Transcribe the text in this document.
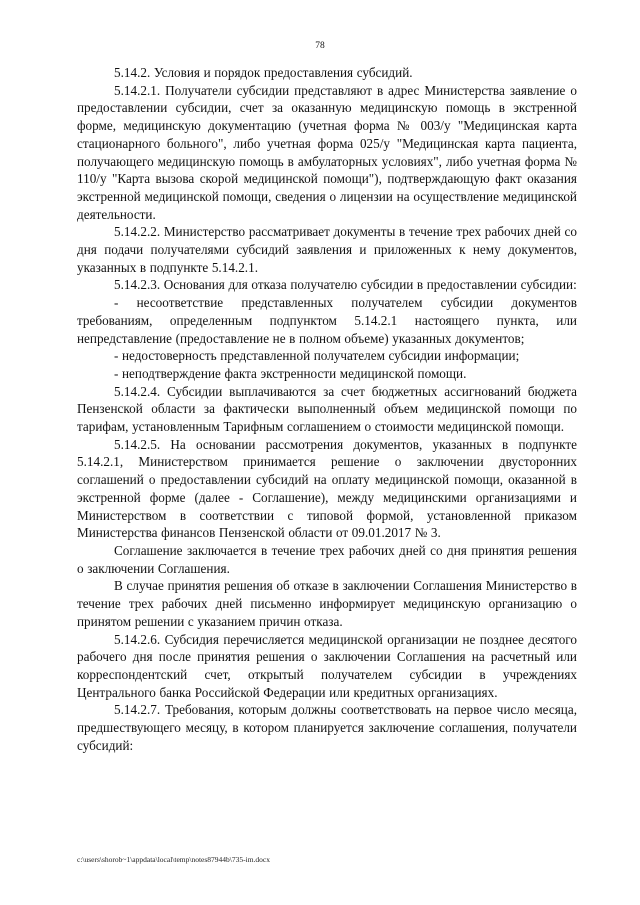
78

5.14.2. Условия и порядок предоставления субсидий.

5.14.2.1. Получатели субсидии представляют в адрес Министерства заявление о предоставлении субсидии, счет за оказанную медицинскую помощь в экстренной форме, медицинскую документацию (учетная форма № 003/у "Медицинская карта стационарного больного", либо учетная форма 025/у "Медицинская карта пациента, получающего медицинскую помощь в амбулаторных условиях", либо учетная форма № 110/у "Карта вызова скорой медицинской помощи"), подтверждающую факт оказания экстренной медицинской помощи, сведения о лицензии на осуществление медицинской деятельности.

5.14.2.2. Министерство рассматривает документы в течение трех рабочих дней со дня подачи получателями субсидий заявления и приложенных к нему документов, указанных в подпункте 5.14.2.1.

5.14.2.3. Основания для отказа получателю субсидии в предоставлении субсидии:

- несоответствие представленных получателем субсидии документов требованиям, определенным подпунктом 5.14.2.1 настоящего пункта, или непредставление (предоставление не в полном объеме) указанных документов;

- недостоверность представленной получателем субсидии информации;

- неподтверждение факта экстренности медицинской помощи.

5.14.2.4. Субсидии выплачиваются за счет бюджетных ассигнований бюджета Пензенской области за фактически выполненный объем медицинской помощи по тарифам, установленным Тарифным соглашением о стоимости медицинской помощи.

5.14.2.5. На основании рассмотрения документов, указанных в подпункте 5.14.2.1, Министерством принимается решение о заключении двусторонних соглашений о предоставлении субсидий на оплату медицинской помощи, оказанной в экстренной форме (далее - Соглашение), между медицинскими организациями и Министерством в соответствии с типовой формой, установленной приказом Министерства финансов Пензенской области от 09.01.2017 № 3.

Соглашение заключается в течение трех рабочих дней со дня принятия решения о заключении Соглашения.

В случае принятия решения об отказе в заключении Соглашения Министерство в течение трех рабочих дней письменно информирует медицинскую организацию о принятом решении с указанием причин отказа.

5.14.2.6. Субсидия перечисляется медицинской организации не позднее десятого рабочего дня после принятия решения о заключении Соглашения на расчетный или корреспондентский счет, открытый получателем субсидии в учреждениях Центрального банка Российской Федерации или кредитных организациях.

5.14.2.7. Требования, которым должны соответствовать на первое число месяца, предшествующего месяцу, в котором планируется заключение соглашения, получатели субсидий:

c:\users\shorob~1\appdata\local\temp\notes87944b\735-im.docx
